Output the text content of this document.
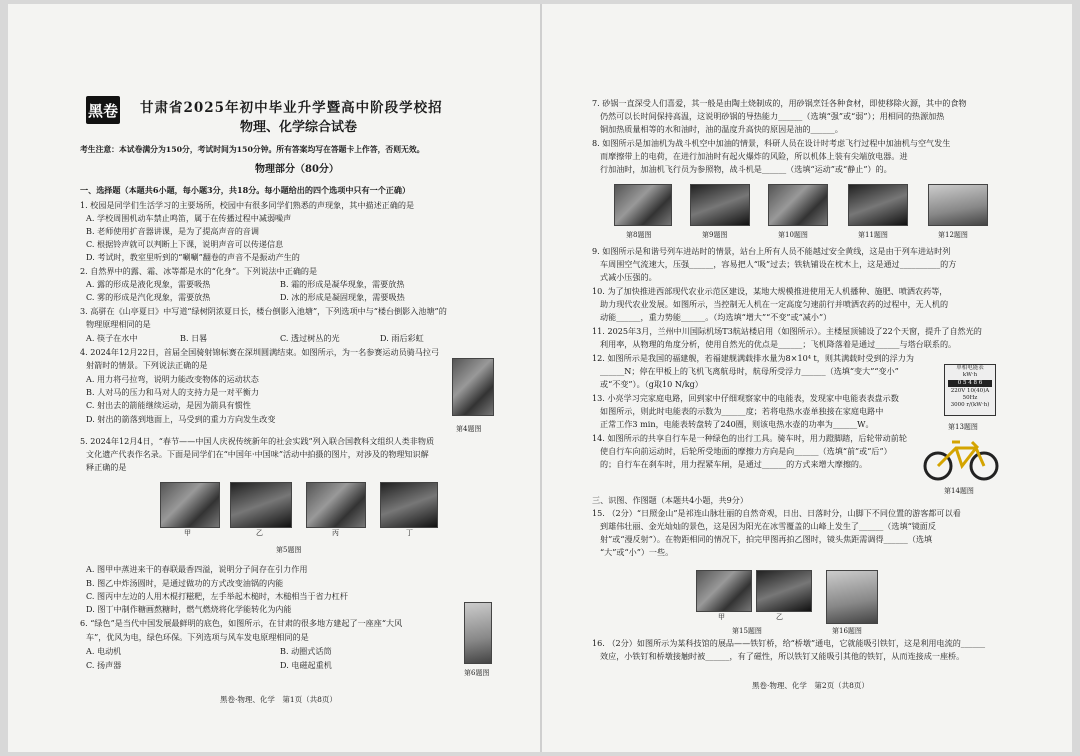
黑卷 甘肃省2025年初中毕业升学暨高中阶段学校招
物理、化学综合试卷
考生注意：本试卷满分为150分，考试时间为150分钟。所有答案均写在答题卡上作答，否则无效。
物理部分（80分）
一、选择题（本题共6小题，每小题3分，共18分。每小题给出的四个选项中只有一个正确）
1. 校园是同学们生活学习的主要场所，校园中有很多同学们熟悉的声现象，其中描述正确的是
A. 学校周围机动车禁止鸣笛，属于在传播过程中减弱噪声
B. 老师使用扩音器讲课，是为了提高声音的音调
C. 根据铃声就可以判断上下课，说明声音可以传递信息
D. 考试时，教室里听到的“唰唰”翻卷的声音不是振动产生的
2. 自然界中的露、霜、冰等都是水的“化身”。下列说法中正确的是
A. 露的形成是液化现象，需要吸热	B. 霜的形成是凝华现象，需要放热
C. 雾的形成是汽化现象，需要放热	D. 冰的形成是凝固现象，需要吸热
3. 高骈在《山亭夏日》中写道“绿树阴浓夏日长，楼台倒影入池塘”，下列选项中与“楼台倒影入池塘”的
物理原理相同的是
A. 筷子在水中	B. 日晷	C. 透过树丛的光	D. 雨后彩虹
4. 2024年12月22日，首届全国骑射锦标赛在深圳圆满结束。如图所示，为一名参赛运动员骑马拉弓
射箭时的情景。下列说法正确的是
A. 用力将弓拉弯，说明力能改变物体的运动状态
B. 人对马的压力和马对人的支持力是一对平衡力
C. 射出去的箭能继续运动，是因为箭具有惯性
D. 射出的箭落到地面上，马受到的重力方向发生改变
5. 2024年12月4日，“春节——中国人庆祝传统新年的社会实践”列入联合国教科文组织人类非物质
文化遗产代表作名录。下面是同学们在“中国年·中国味”活动中拍摄的图片，对涉及的物理知识解
释正确的是
A. 图甲中蒸进来干的春联最香四溢，说明分子间存在引力作用
B. 图乙中炸汤圆时，是通过做功的方式改变油锅的内能
C. 图丙中左边的人用木棍打糍粑，左手举起木槌时，木槌相当于省力杠杆
D. 图丁中制作糖画熬糖时，燃气燃烧将化学能转化为内能
6. “绿色”是当代中国发展最鲜明的底色，如图所示，在甘肃的很多地方建起了一座座“大风
车”，优风为电，绿色环保。下列选项与风车发电原理相同的是
A. 电动机	B. 动圈式话筒
C. 扬声器	D. 电磁起重机
第4题图
甲	乙	丙	丁
第5题图
第6题图
黑卷·物理、化学　第1页（共8页）
7. 砂锅一直深受人们喜爱，其一般是由陶土烧制成的，用砂锅烹饪各种食材，即使移除火源，其中的食物
仍然可以长时间保持高温，这说明砂锅的导热能力______（选填“强”或“弱”）；用相同的热源加热
铜加热质量相等的水和油时，油的温度升高快的原因是油的______。
8. 如图所示是加油机为战斗机空中加油的情景，科研人员在设计时考虑飞行过程中加油机与空气发生
而摩擦带上的电荷，在进行加油时有起火爆炸的风险，所以机体上装有尖端放电器。进
行加油时，加油机飞行员为参照物，战斗机是______（选填“运动”或“静止”）的。
9. 如图所示是和谐号列车进站时的情景，站台上所有人员不能越过安全黄线，这是由于列车进站时列
车周围空气流速大，压强______，容易把人“吸”过去；铁轨铺设在枕木上，这是通过__________的方
式减小压强的。
10. 为了加快推进西部现代农业示范区建设，某地大规模推进使用无人机播种、施肥、喷洒农药等，
助力现代农业发展。如图所示，当控制无人机在一定高度匀速前行并喷洒农药的过程中，无人机的
动能______，重力势能______。（均选填“增大”“不变”或“减小”）
11. 2025年3月，兰州中川国际机场T3航站楼启用（如图所示）。主楼屋顶铺设了22个天窗，提升了自然光的
利用率，从物理的角度分析，使用自然光的优点是______；飞机降落着是通过______与塔台联系的。
12. 如图所示是我国的福建舰，若福建舰满载排水量为8×10⁴ t，则其满载时受到的浮力为
______N；停在甲板上的飞机飞离航母时，航母所受浮力______（选填“变大”“变小”
或“不变”）。（g取10 N/kg）
13. 小亮学习完家庭电路，回到家中仔细观察家中的电能表，发现家中电能表表盘示数
如图所示，则此时电能表的示数为______度；若将电热水壶单独接在家庭电路中
正常工作3 min，电能表转盘转了240圈，则该电热水壶的功率为______W。
14. 如图所示的共享自行车是一种绿色的出行工具。骑车时，用力蹬脚踏，后轮带动前轮
使自行车向前运动时，后轮所受地面的摩擦力方向是向______（选填“前”或“后”）
的；自行车在刹车时，用力捏紧车闸，是通过______的方式来增大摩擦的。
三、识图、作图题（本题共4小题，共9分）
15. （2分）“日照金山”是祁连山脉壮丽的自然奇观，日出、日落时分，山脚下不同位置的游客都可以看
到雄伟壮丽、金光灿灿的景色，这是因为阳光在冰雪覆盖的山峰上发生了______（选填“镜面反
射”或“漫反射”）。在物距相同的情况下，拍完甲图再拍乙图时，镜头焦距需调得______（选填
“大”或“小”）一些。
16. （2分）如图所示为某科技馆的展品——铁钉桥，给“桥墩”通电，它就能吸引铁钉，这是利用电流的______
效应，小铁钉和桥墩接触时被______，有了磁性，所以铁钉又能吸引其他的铁钉，从而连接成一座桥。
第8题图	第9题图	第10题图	第11题图	第12题图
单相电能表
kW·h
0 5 4 8 6
220V 10(40)A 50Hz
3000 r/(kW·h)
第13题图
第14题图
甲	乙
第15题图	第16题图
黑卷·物理、化学　第2页（共8页）
